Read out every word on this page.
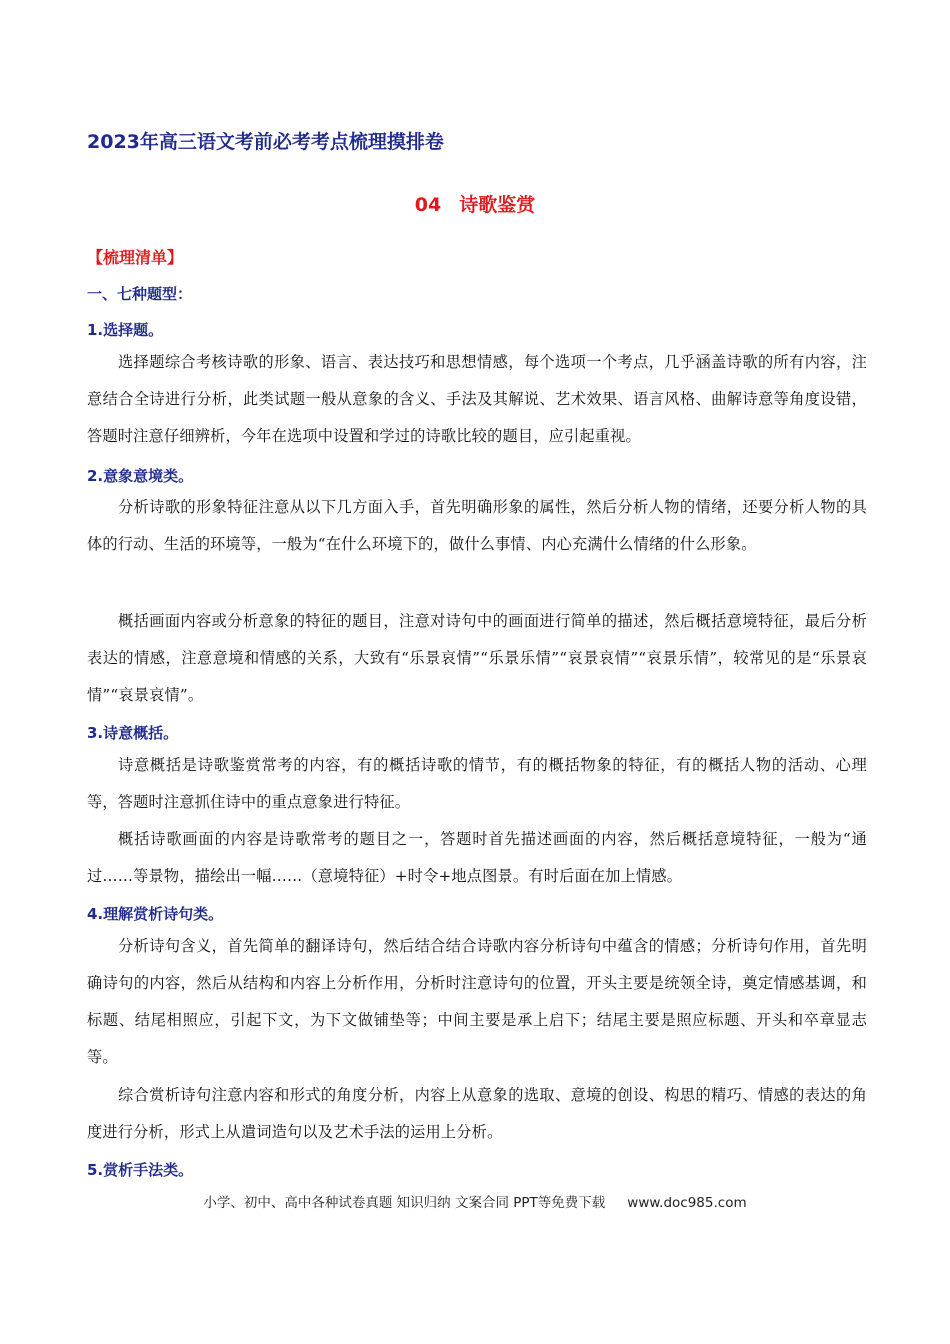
2023年高三语文考前必考考点梳理摸排卷
04 诗歌鉴赏
【梳理清单】
一、七种题型：
1.选择题。

选择题综合考核诗歌的形象、语言、表达技巧和思想情感，每个选项一个考点，几乎涵盖诗歌的所有内容，注意结合全诗进行分析，此类试题一般从意象的含义、手法及其解说、艺术效果、语言风格、曲解诗意等角度设错，答题时注意仔细辨析，今年在选项中设置和学过的诗歌比较的题目，应引起重视。

2.意象意境类。

分析诗歌的形象特征注意从以下几方面入手，首先明确形象的属性，然后分析人物的情绪，还要分析人物的具体的行动、生活的环境等，一般为“在什么环境下的，做什么事情、内心充满什么情绪的什么形象。

概括画面内容或分析意象的特征的题目，注意对诗句中的画面进行简单的描述，然后概括意境特征，最后分析表达的情感，注意意境和情感的关系，大致有“乐景哀情”“乐景乐情”“哀景哀情”“哀景乐情”，较常见的是“乐景哀情”“哀景哀情”。

3.诗意概括。

诗意概括是诗歌鉴赏常考的内容，有的概括诗歌的情节，有的概括物象的特征，有的概括人物的活动、心理等，答题时注意抓住诗中的重点意象进行特征。

概括诗歌画面的内容是诗歌常考的题目之一，答题时首先描述画面的内容，然后概括意境特征，一般为“通过……等景物，描绘出一幅……（意境特征）+时令+地点图景。有时后面在加上情感。

4.理解赏析诗句类。

分析诗句含义，首先简单的翻译诗句，然后结合结合诗歌内容分析诗句中蕴含的情感；分析诗句作用，首先明确诗句的内容，然后从结构和内容上分析作用，分析时注意诗句的位置，开头主要是统领全诗，奠定情感基调，和标题、结尾相照应，引起下文，为下文做铺垫等；中间主要是承上启下；结尾主要是照应标题、开头和卒章显志等。

综合赏析诗句注意内容和形式的角度分析，内容上从意象的选取、意境的创设、构思的精巧、情感的表达的角度进行分析，形式上从遣词造句以及艺术手法的运用上分析。

5.赏析手法类。
小学、初中、高中各种试卷真题 知识归纳 文案合同 PPT等免费下载 www.doc985.com
